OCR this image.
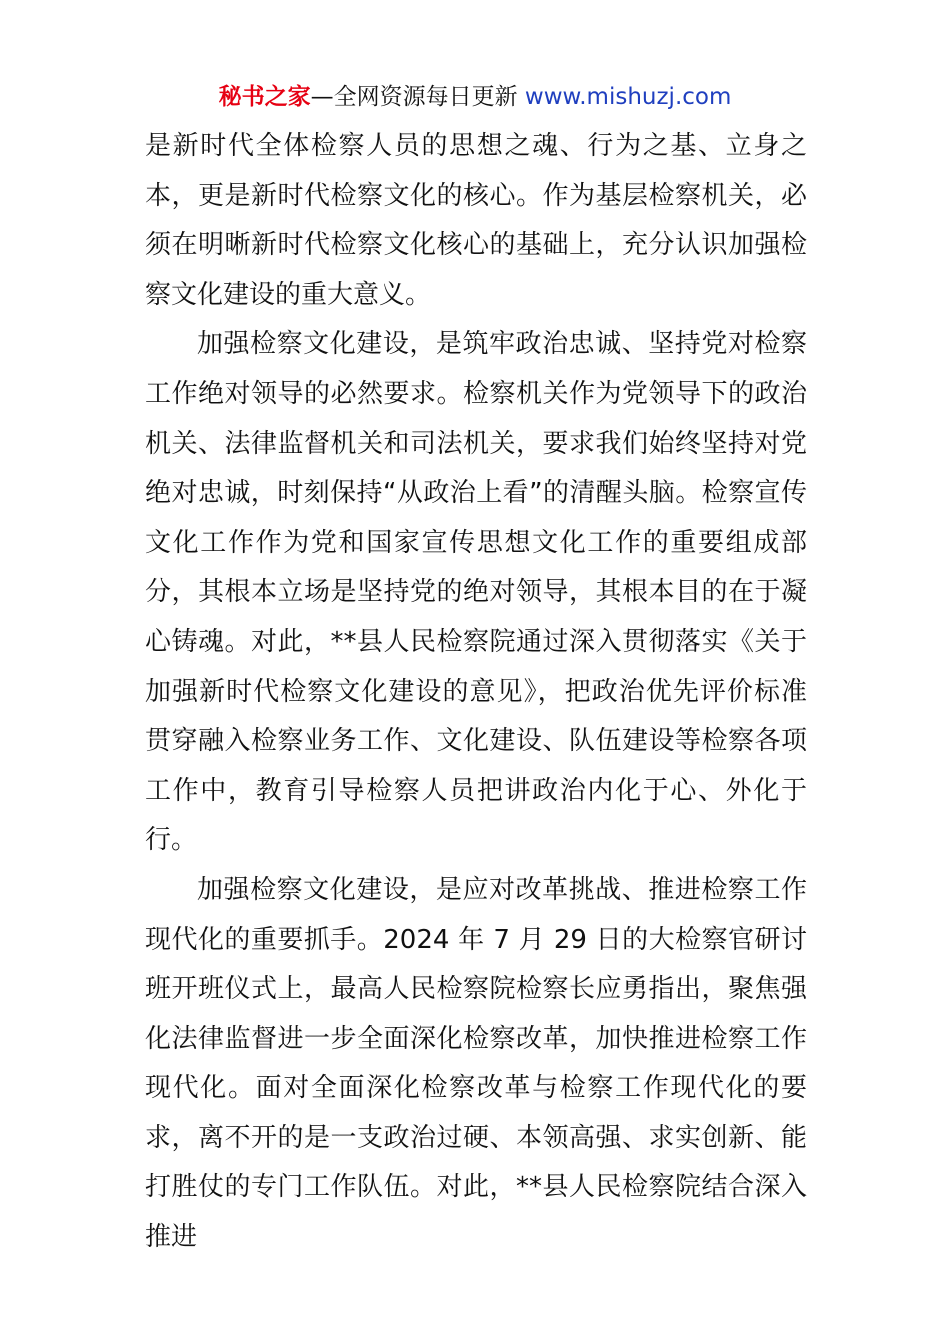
秘书之家—全网资源每日更新 www.mishuzj.com

是新时代全体检察人员的思想之魂、行为之基、立身之本，更是新时代检察文化的核心。作为基层检察机关，必须在明晰新时代检察文化核心的基础上，充分认识加强检察文化建设的重大意义。

加强检察文化建设，是筑牢政治忠诚、坚持党对检察工作绝对领导的必然要求。检察机关作为党领导下的政治机关、法律监督机关和司法机关，要求我们始终坚持对党绝对忠诚，时刻保持“从政治上看”的清醒头脑。检察宣传文化工作作为党和国家宣传思想文化工作的重要组成部分，其根本立场是坚持党的绝对领导，其根本目的在于凝心铸魂。对此，**县人民检察院通过深入贯彻落实《关于加强新时代检察文化建设的意见》，把政治优先评价标准贯穿融入检察业务工作、文化建设、队伍建设等检察各项工作中，教育引导检察人员把讲政治内化于心、外化于行。

加强检察文化建设，是应对改革挑战、推进检察工作现代化的重要抓手。2024 年 7 月 29 日的大检察官研讨班开班仪式上，最高人民检察院检察长应勇指出，聚焦强化法律监督进一步全面深化检察改革，加快推进检察工作现代化。面对全面深化检察改革与检察工作现代化的要求，离不开的是一支政治过硬、本领高强、求实创新、能打胜仗的专门工作队伍。对此，**县人民检察院结合深入推进
